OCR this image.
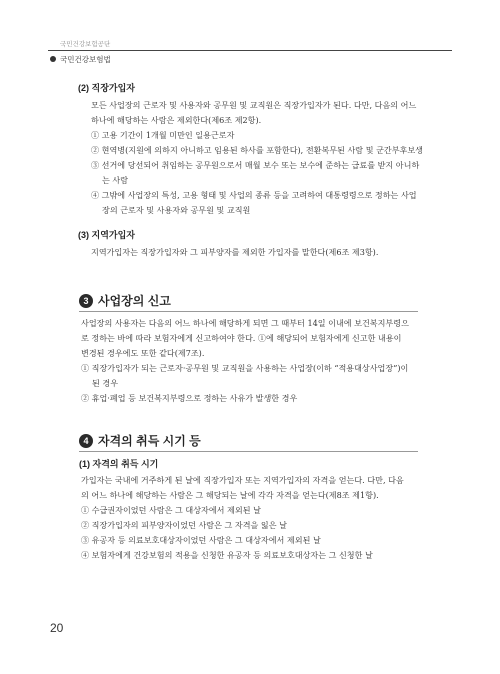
국민건강보험공단
국민건강보험법
(2) 직장가입자
모든 사업장의 근로자 및 사용자와 공무원 및 교직원은 직장가입자가 된다. 다만, 다음의 어느
하나에 해당하는 사람은 제외한다(제6조 제2항).
① 고용 기간이 1개월 미만인 일용근로자
② 현역병(지원에 의하지 아니하고 임용된 하사를 포함한다), 전환복무된 사람 및 군간부후보생
③ 선거에 당선되어 취임하는 공무원으로서 매월 보수 또는 보수에 준하는 급료를 받지 아니하
는 사람
④ 그밖에 사업장의 특성, 고용 형태 및 사업의 종류 등을 고려하여 대통령령으로 정하는 사업
장의 근로자 및 사용자와 공무원 및 교직원
(3) 지역가입자
지역가입자는 직장가입자와 그 피부양자를 제외한 가입자를 말한다(제6조 제3항).
3 사업장의 신고
사업장의 사용자는 다음의 어느 하나에 해당하게 되면 그 때부터 14일 이내에 보건복지부령으
로 정하는 바에 따라 보험자에게 신고하여야 한다. ①에 해당되어 보험자에게 신고한 내용이
변경된 경우에도 또한 같다(제7조).
① 직장가입자가 되는 근로자·공무원 및 교직원을 사용하는 사업장(이하 “적용대상사업장”)이
된 경우
② 휴업·폐업 등 보건복지부령으로 정하는 사유가 발생한 경우
4 자격의 취득 시기 등
(1) 자격의 취득 시기
가입자는 국내에 거주하게 된 날에 직장가입자 또는 지역가입자의 자격을 얻는다. 다만, 다음
의 어느 하나에 해당하는 사람은 그 해당되는 날에 각각 자격을 얻는다(제8조 제1항).
① 수급권자이었던 사람은 그 대상자에서 제외된 날
② 직장가입자의 피부양자이었던 사람은 그 자격을 잃은 날
③ 유공자 등 의료보호대상자이었던 사람은 그 대상자에서 제외된 날
④ 보험자에게 건강보험의 적용을 신청한 유공자 등 의료보호대상자는 그 신청한 날
20
